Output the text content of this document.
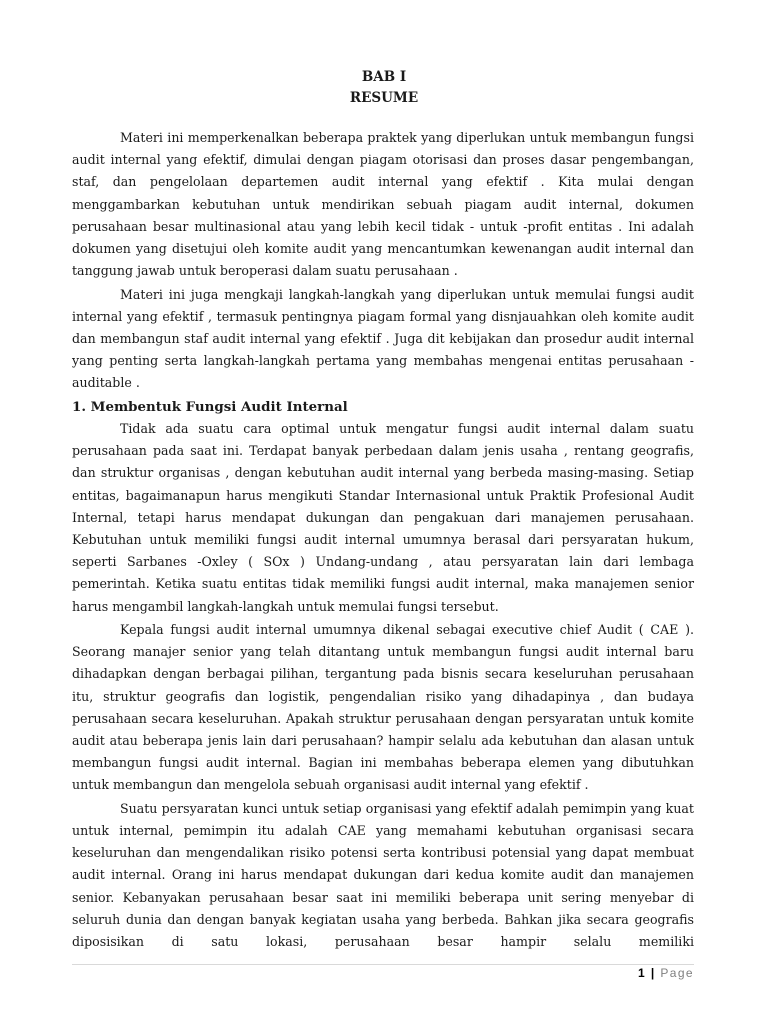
BAB I
RESUME

Materi ini memperkenalkan beberapa praktek yang diperlukan untuk membangun fungsi audit internal yang efektif, dimulai dengan piagam otorisasi dan proses dasar pengembangan, staf, dan pengelolaan departemen audit internal yang efektif . Kita mulai dengan menggambarkan kebutuhan untuk mendirikan sebuah piagam audit internal, dokumen perusahaan besar multinasional atau yang lebih kecil tidak - untuk -profit entitas . Ini adalah dokumen yang disetujui oleh komite audit yang mencantumkan kewenangan audit internal dan tanggung jawab untuk beroperasi dalam suatu perusahaan .

Materi ini juga mengkaji langkah-langkah yang diperlukan untuk memulai fungsi audit internal yang efektif , termasuk pentingnya piagam formal yang disnjauahkan oleh komite audit dan membangun staf audit internal yang efektif . Juga dit kebijakan dan prosedur audit internal yang penting serta langkah-langkah pertama yang membahas mengenai entitas perusahaan -auditable .

1. Membentuk Fungsi Audit Internal

Tidak ada suatu cara optimal untuk mengatur fungsi audit internal dalam suatu perusahaan pada saat ini. Terdapat banyak perbedaan dalam jenis usaha , rentang geografis, dan struktur organisas , dengan kebutuhan audit internal yang berbeda masing-masing. Setiap entitas, bagaimanapun harus mengikuti Standar Internasional untuk Praktik Profesional Audit Internal, tetapi harus mendapat dukungan dan pengakuan dari manajemen perusahaan. Kebutuhan untuk memiliki fungsi audit internal umumnya berasal dari persyaratan hukum, seperti Sarbanes -Oxley ( SOx ) Undang-undang , atau persyaratan lain dari lembaga pemerintah. Ketika suatu entitas tidak memiliki fungsi audit internal, maka manajemen senior harus mengambil langkah-langkah untuk memulai fungsi tersebut.

Kepala fungsi audit internal umumnya dikenal sebagai executive chief Audit ( CAE ). Seorang manajer senior yang telah ditantang untuk membangun fungsi audit internal baru dihadapkan dengan berbagai pilihan, tergantung pada bisnis secara keseluruhan perusahaan itu, struktur geografis dan logistik, pengendalian risiko yang dihadapinya , dan budaya perusahaan secara keseluruhan. Apakah struktur perusahaan dengan persyaratan untuk komite audit atau beberapa jenis lain dari perusahaan? hampir selalu ada kebutuhan dan alasan untuk membangun fungsi audit internal. Bagian ini membahas beberapa elemen yang dibutuhkan untuk membangun dan mengelola sebuah organisasi audit internal yang efektif .

Suatu persyaratan kunci untuk setiap organisasi yang efektif adalah pemimpin yang kuat untuk internal, pemimpin itu adalah CAE yang memahami kebutuhan organisasi secara keseluruhan dan mengendalikan risiko potensi serta kontribusi potensial yang dapat membuat audit internal. Orang ini harus mendapat dukungan dari kedua komite audit dan manajemen senior. Kebanyakan perusahaan besar saat ini memiliki beberapa unit sering menyebar di seluruh dunia dan dengan banyak kegiatan usaha yang berbeda. Bahkan jika secara geografis diposisikan di satu lokasi, perusahaan besar hampir selalu memiliki

1 | Page
